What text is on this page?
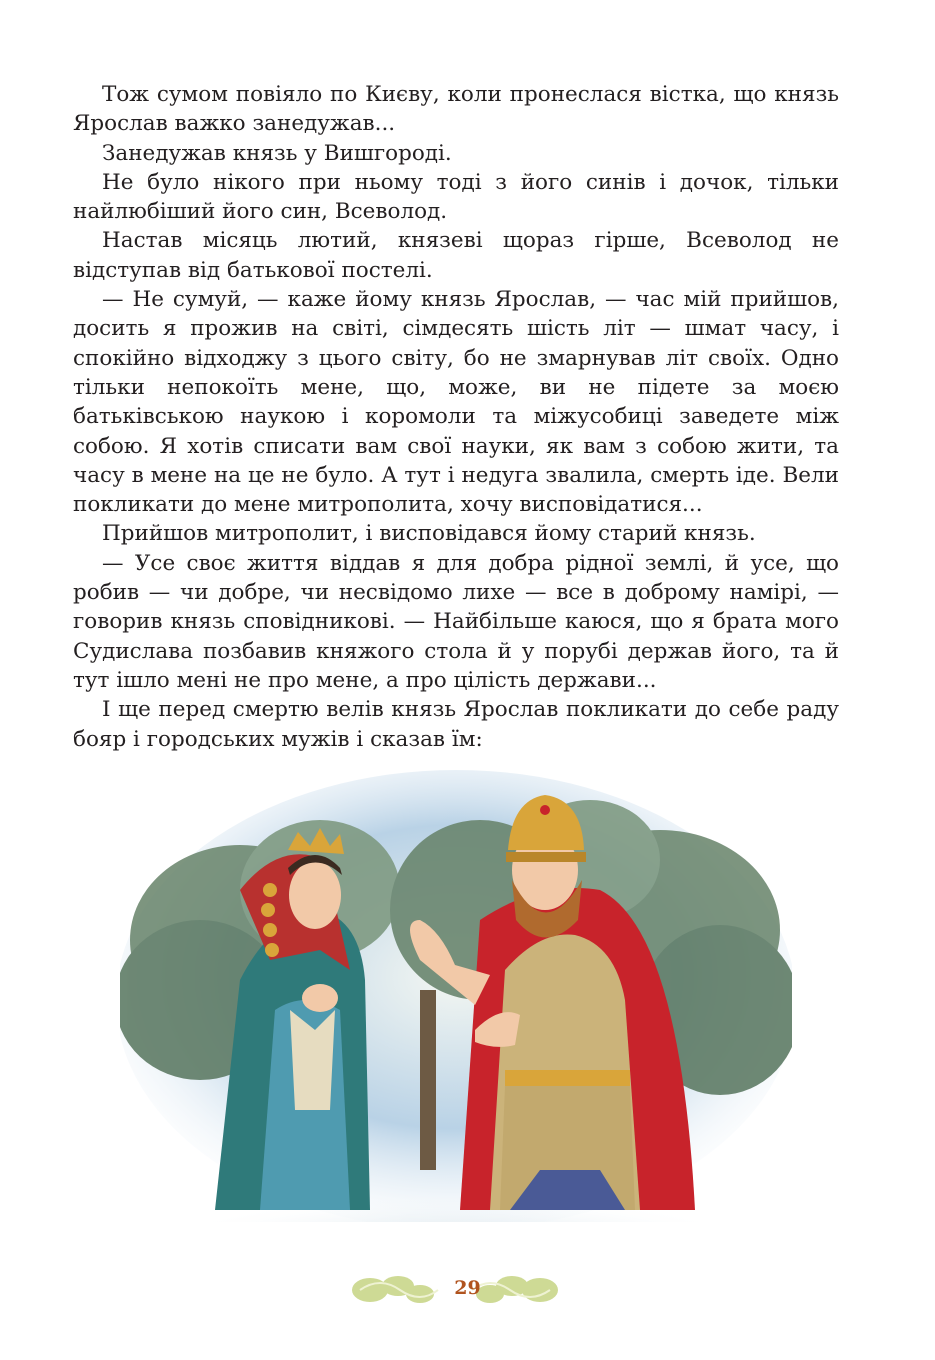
Тож сумом повіяло по Києву, коли пронеслася вістка, що князь Ярослав важко занедужав...

Занедужав князь у Вишгороді.

Не було нікого при ньому тоді з його синів і дочок, тільки найлюбіший його син, Всеволод.

Настав місяць лютий, князеві щораз гірше, Всеволод не відступав від батькової постелі.

— Не сумуй, — каже йому князь Ярослав, — час мій прийшов, досить я прожив на світі, сімдесять шість літ — шмат часу, і спокійно відходжу з цього світу, бо не змарнував літ своїх. Одно тільки непокоїть мене, що, може, ви не підете за моєю батьківською наукою і коромоли та міжусобиці заведете між собою. Я хотів списати вам свої науки, як вам з собою жити, та часу в мене на це не було. А тут і недуга звалила, смерть іде. Вели покликати до мене митрополита, хочу висповідатися...

Прийшов митрополит, і висповідався йому старий князь.

— Усе своє життя віддав я для добра рідної землі, й усе, що робив — чи добре, чи несвідомо лихе — все в доброму намірі, — говорив князь сповідникові. — Найбільше каюся, що я брата мого Судислава позбавив княжого стола й у порубі держав його, та й тут ішло мені не про мене, а про цілість держави...

І ще перед смертю велів князь Ярослав покликати до себе раду бояр і городських мужів і сказав їм:

29
